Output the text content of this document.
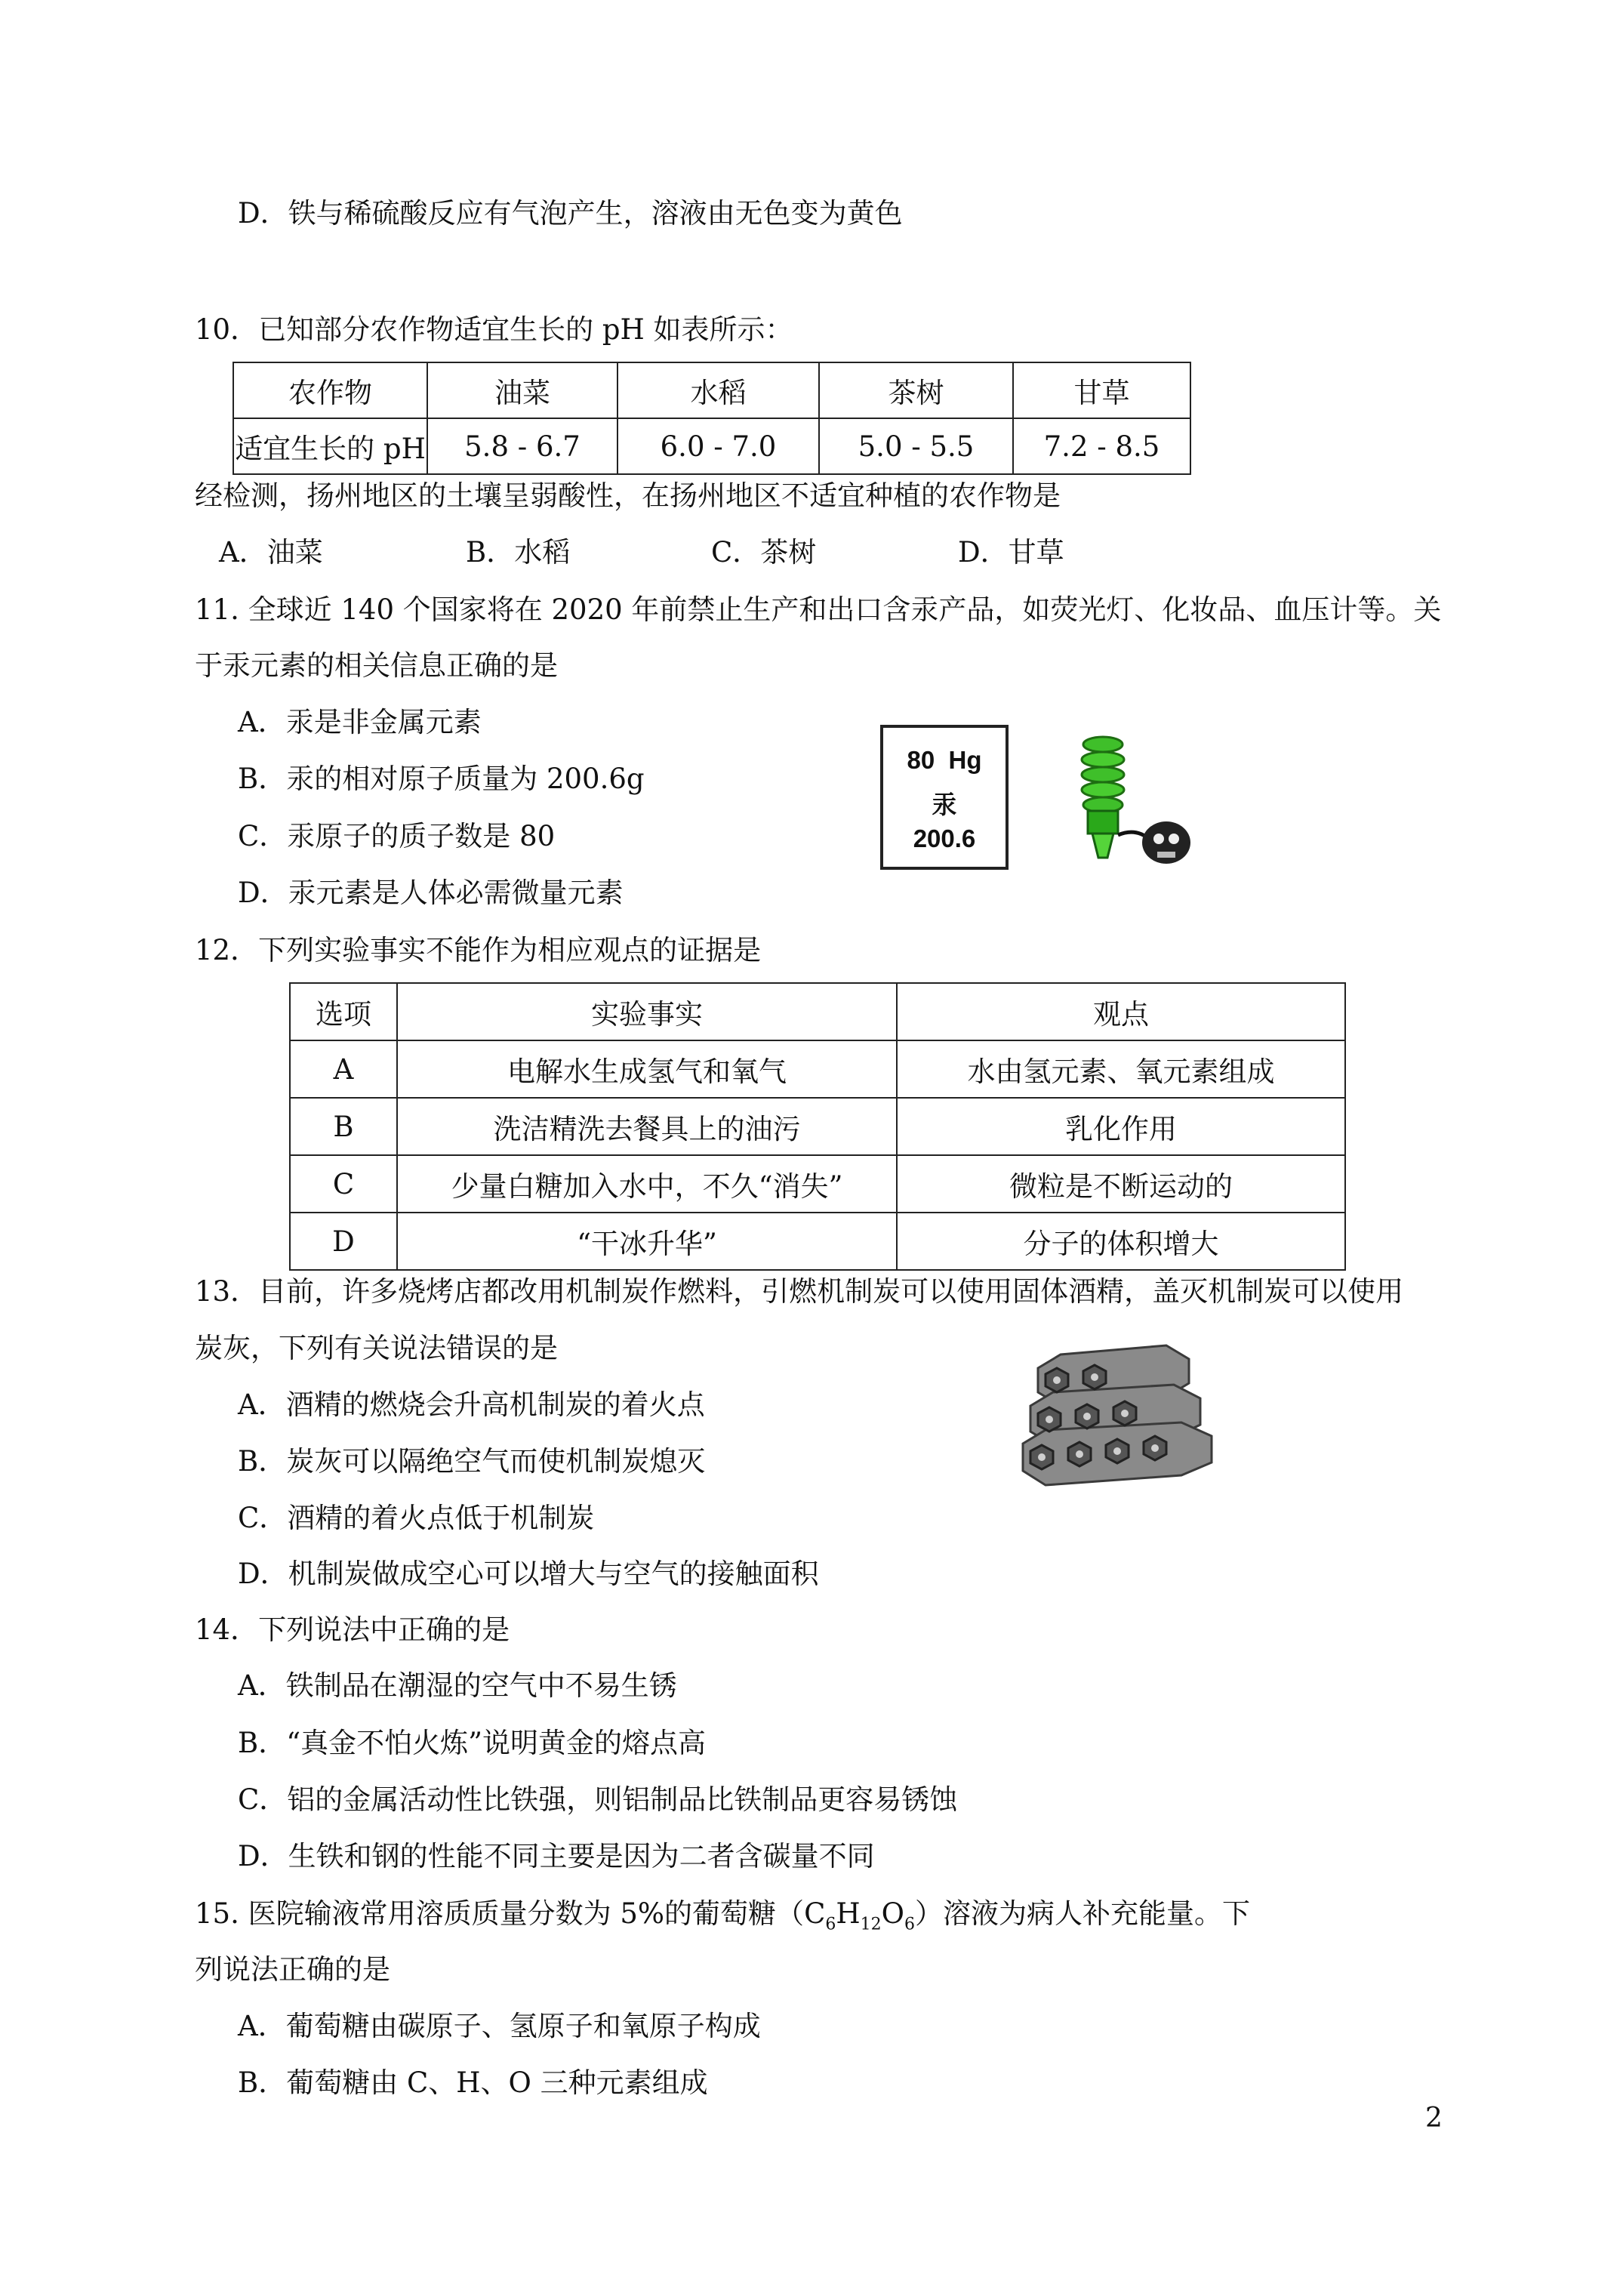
D．铁与稀硫酸反应有气泡产生，溶液由无色变为黄色
10．已知部分农作物适宜生长的 pH 如表所示：
农作物	油菜	水稻	茶树	甘草
适宜生长的 pH	5.8 - 6.7	6.0 - 7.0	5.0 - 5.5	7.2 - 8.5
经检测，扬州地区的土壤呈弱酸性，在扬州地区不适宜种植的农作物是
A．油菜	B．水稻	C．茶树	D．甘草
11. 全球近 140 个国家将在 2020 年前禁止生产和出口含汞产品，如荧光灯、化妆品、血压计等。关
于汞元素的相关信息正确的是
A．汞是非金属元素
B．汞的相对原子质量为 200.6g
C．汞原子的质子数是 80
D．汞元素是人体必需微量元素
80 Hg
汞
200.6
12．下列实验事实不能作为相应观点的证据是
选项	实验事实	观点
A	电解水生成氢气和氧气	水由氢元素、氧元素组成
B	洗洁精洗去餐具上的油污	乳化作用
C	少量白糖加入水中，不久“消失”	微粒是不断运动的
D	“干冰升华”	分子的体积增大
13．目前，许多烧烤店都改用机制炭作燃料，引燃机制炭可以使用固体酒精，盖灭机制炭可以使用
炭灰，下列有关说法错误的是
A．酒精的燃烧会升高机制炭的着火点
B．炭灰可以隔绝空气而使机制炭熄灭
C．酒精的着火点低于机制炭
D．机制炭做成空心可以增大与空气的接触面积
14．下列说法中正确的是
A．铁制品在潮湿的空气中不易生锈
B．“真金不怕火炼”说明黄金的熔点高
C．铝的金属活动性比铁强，则铝制品比铁制品更容易锈蚀
D．生铁和钢的性能不同主要是因为二者含碳量不同
15. 医院输液常用溶质质量分数为 5%的葡萄糖$(C_6H_{12}O_6)$溶液为病人补充能量。下
列说法正确的是
A．葡萄糖由碳原子、氢原子和氧原子构成
B．葡萄糖由 C、H、O 三种元素组成
2
